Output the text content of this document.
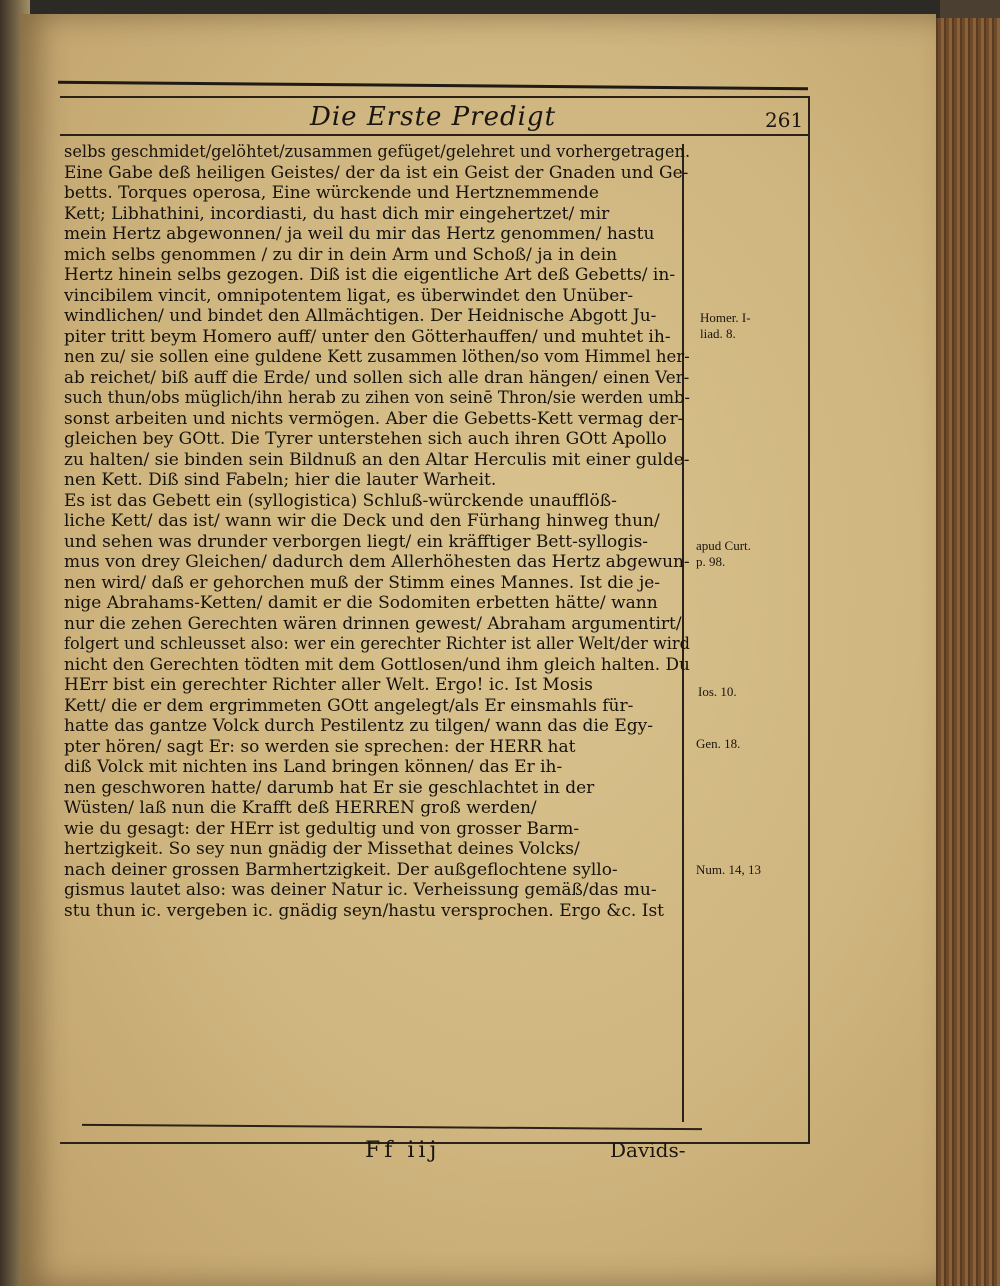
Die Erste Predigt	261
selbs geschmidet/gelöhtet/zusammen gefüget/gelehret und vorhergetragen.
Eine Gabe deß heiligen Geistes/ der da ist ein Geist der Gnaden und Ge-
betts. Torques operosa, Eine würckende und Hertznemmende
Kett; Libhathini, incordiasti, du hast dich mir eingehertzet/ mir
mein Hertz abgewonnen/ ja weil du mir das Hertz genommen/ hastu
mich selbs genommen / zu dir in dein Arm und Schoß/ ja in dein
Hertz hinein selbs gezogen. Diß ist die eigentliche Art deß Gebetts/ in-
vincibilem vincit, omnipotentem ligat, es überwindet den Unüber-
windlichen/ und bindet den Allmächtigen. Der Heidnische Abgott Ju-
piter tritt beym Homero auff/ unter den Götterhauffen/ und muhtet ih-
nen zu/ sie sollen eine guldene Kett zusammen löthen/so vom Himmel her-
ab reichet/ biß auff die Erde/ und sollen sich alle dran hängen/ einen Ver-
such thun/obs müglich/ihn herab zu zihen von seinē Thron/sie werden umb-
sonst arbeiten und nichts vermögen. Aber die Gebetts-Kett vermag der-
gleichen bey GOtt. Die Tyrer unterstehen sich auch ihren GOtt Apollo
zu halten/ sie binden sein Bildnuß an den Altar Herculis mit einer gulde-
nen Kett. Diß sind Fabeln; hier die lauter Warheit.
Es ist das Gebett ein (syllogistica) Schluß-würckende unaufflöß-
liche Kett/ das ist/ wann wir die Deck und den Fürhang hinweg thun/
und sehen was drunder verborgen liegt/ ein kräfftiger Bett-syllogis-
mus von drey Gleichen/ dadurch dem Allerhöhesten das Hertz abgewun-
nen wird/ daß er gehorchen muß der Stimm eines Mannes. Ist die je-
nige Abrahams-Ketten/ damit er die Sodomiten erbetten hätte/ wann
nur die zehen Gerechten wären drinnen gewest/ Abraham argumentirt/
folgert und schleusset also: wer ein gerechter Richter ist aller Welt/der wird
nicht den Gerechten tödten mit dem Gottlosen/und ihm gleich halten. Du
HErr bist ein gerechter Richter aller Welt. Ergo! ic. Ist Mosis
Kett/ die er dem ergrimmeten GOtt angelegt/als Er einsmahls für-
hatte das gantze Volck durch Pestilentz zu tilgen/ wann das die Egy-
pter hören/ sagt Er: so werden sie sprechen: der HERR hat
diß Volck mit nichten ins Land bringen können/ das Er ih-
nen geschworen hatte/ darumb hat Er sie geschlachtet in der
Wüsten/ laß nun die Krafft deß HERREN groß werden/
wie du gesagt: der HErr ist gedultig und von grosser Barm-
hertzigkeit. So sey nun gnädig der Missethat deines Volcks/
nach deiner grossen Barmhertzigkeit. Der außgeflochtene syllo-
gismus lautet also: was deiner Natur ic. Verheissung gemäß/das mu-
stu thun ic. vergeben ic. gnädig seyn/hastu versprochen. Ergo &c. Ist
Homer. I-
liad. 8.
apud Curt.
p. 98.
Ios. 10.
Gen. 18.
Num. 14, 13
Ff iij	Davids-
